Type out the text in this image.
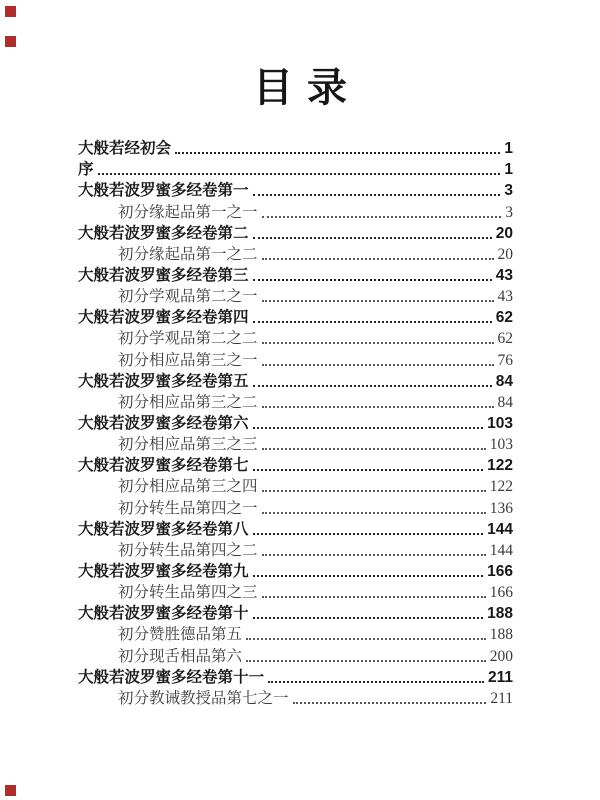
目录
大般若经初会	1
序	1
大般若波罗蜜多经卷第一	3
初分缘起品第一之一	3
大般若波罗蜜多经卷第二	20
初分缘起品第一之二	20
大般若波罗蜜多经卷第三	43
初分学观品第二之一	43
大般若波罗蜜多经卷第四	62
初分学观品第二之二	62
初分相应品第三之一	76
大般若波罗蜜多经卷第五	84
初分相应品第三之二	84
大般若波罗蜜多经卷第六	103
初分相应品第三之三	103
大般若波罗蜜多经卷第七	122
初分相应品第三之四	122
初分转生品第四之一	136
大般若波罗蜜多经卷第八	144
初分转生品第四之二	144
大般若波罗蜜多经卷第九	166
初分转生品第四之三	166
大般若波罗蜜多经卷第十	188
初分赞胜德品第五	188
初分现舌相品第六	200
大般若波罗蜜多经卷第十一	211
初分教诫教授品第七之一	211
